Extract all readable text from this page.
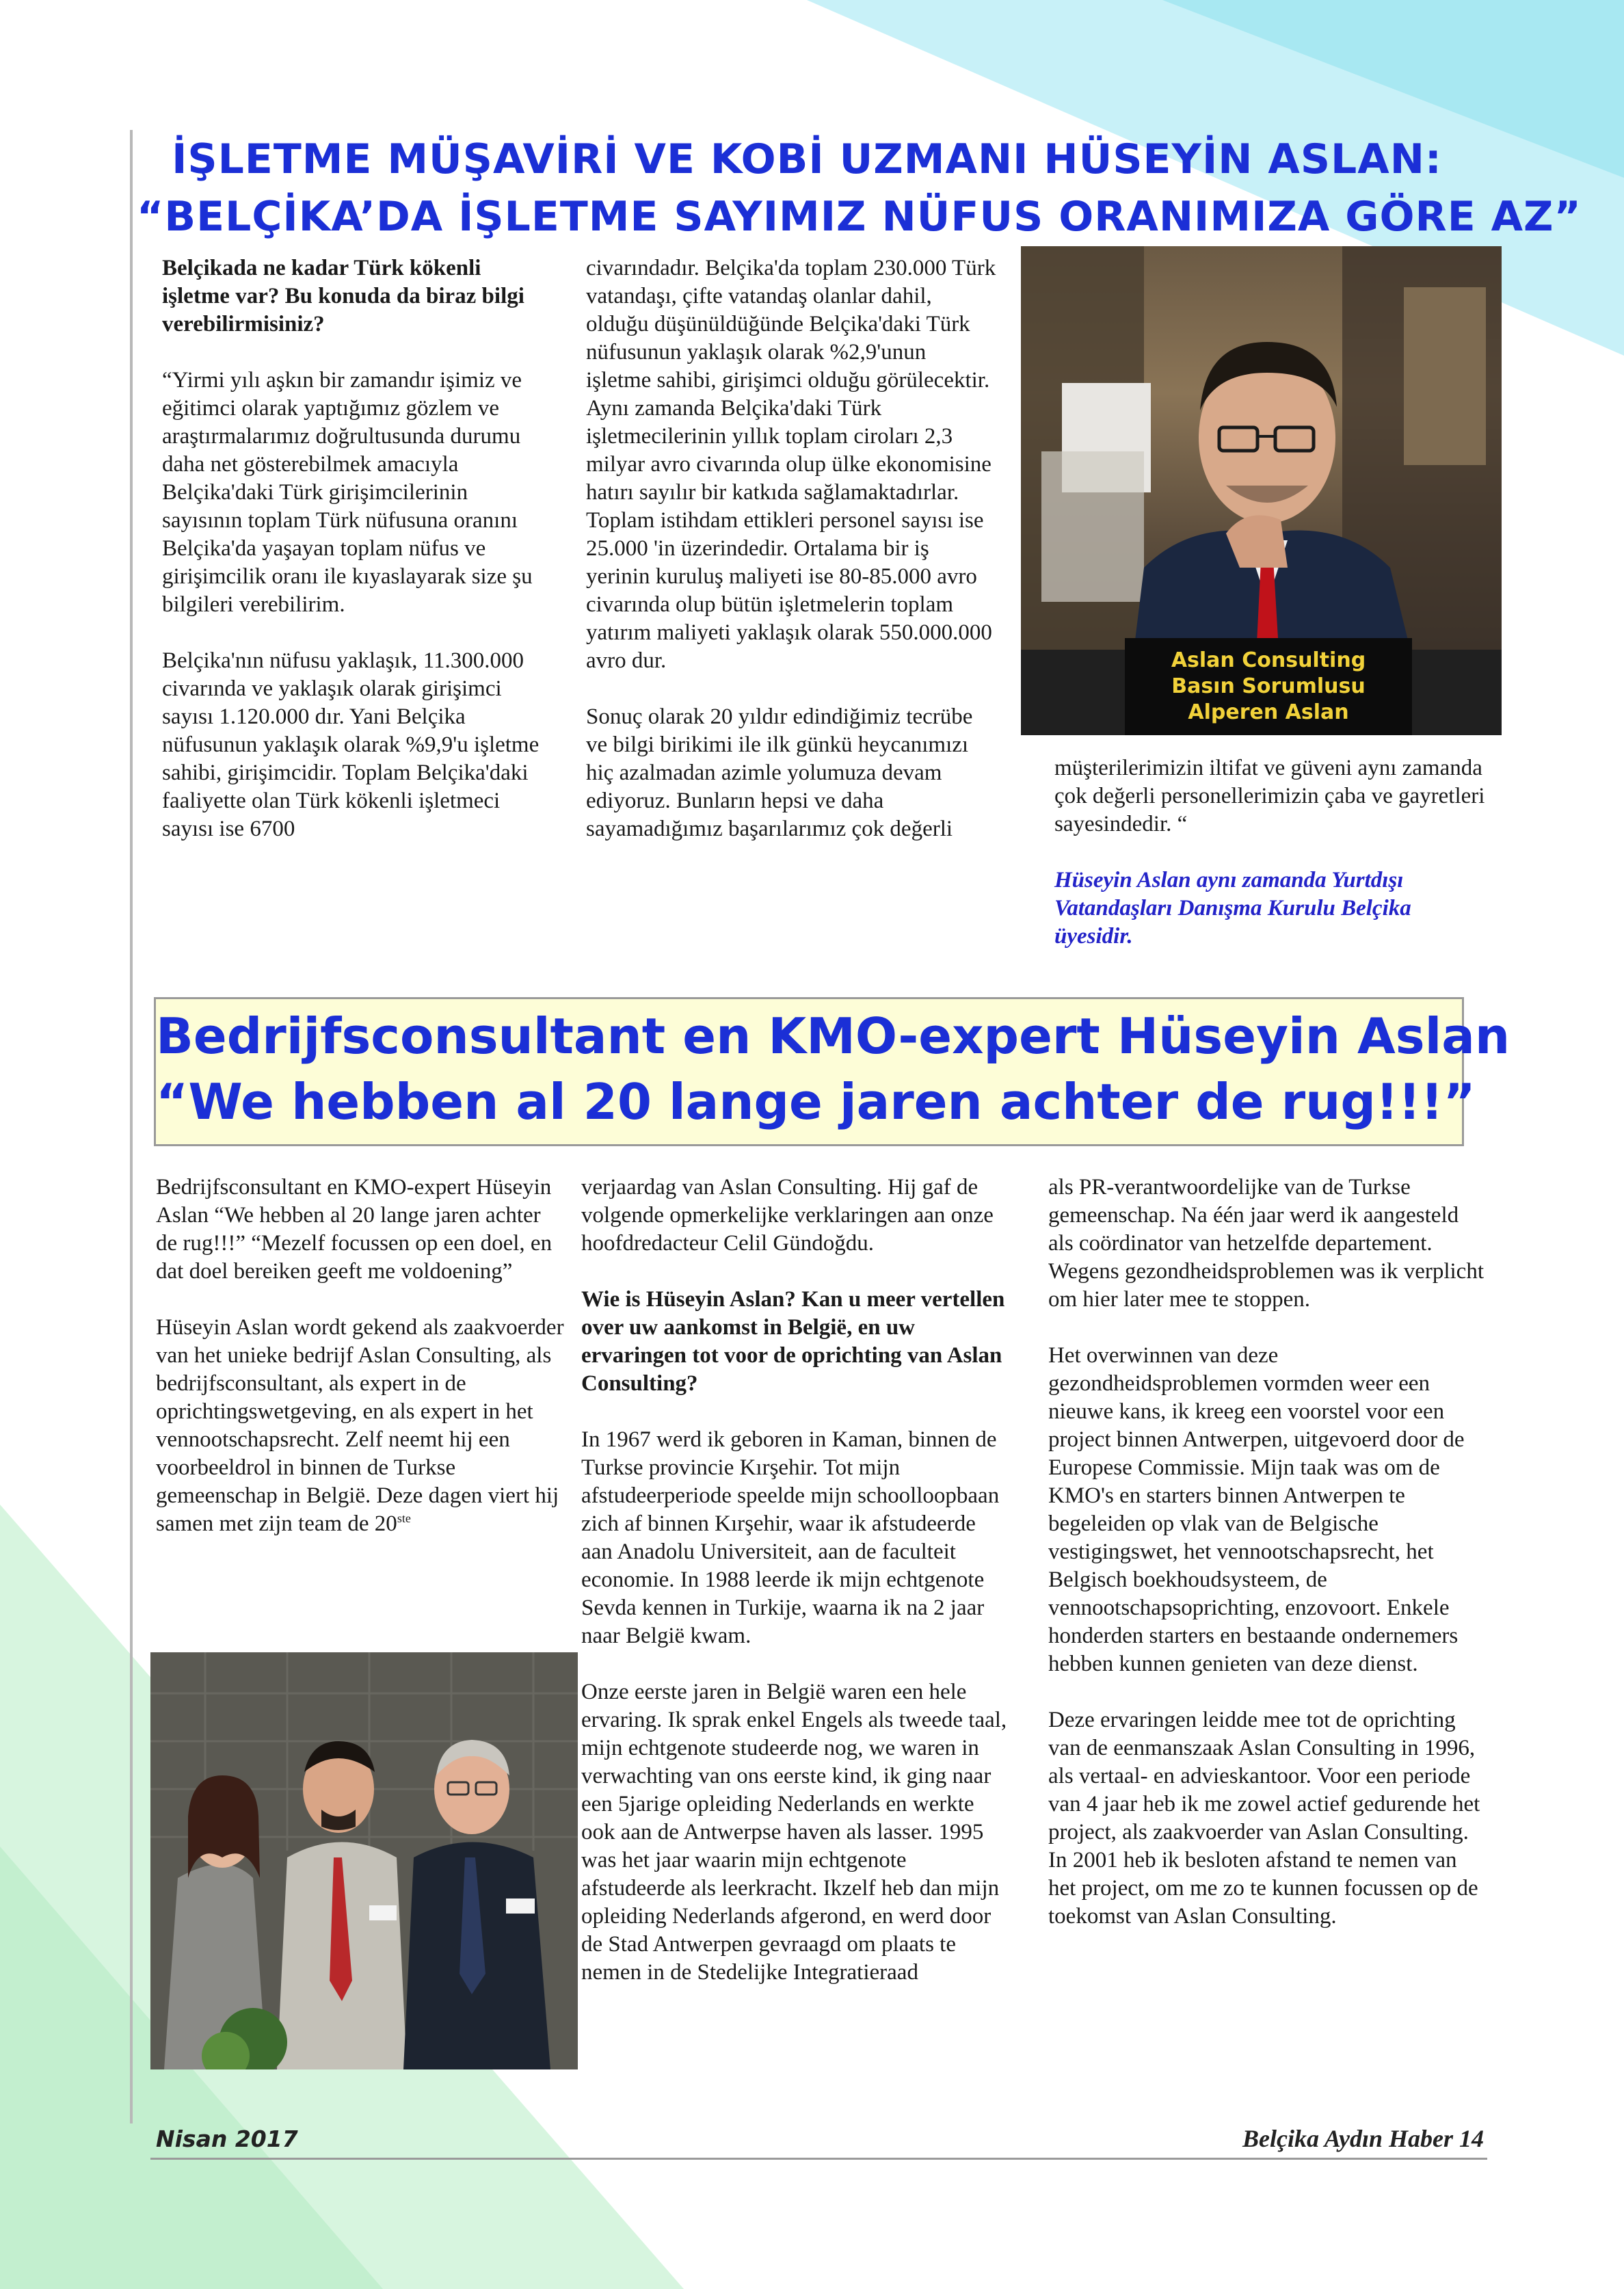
İŞLETME MÜŞAVİRİ VE KOBİ UZMANI HÜSEYİN ASLAN:
“BELÇİKA’DA İŞLETME SAYIMIZ NÜFUS ORANIMIZA GÖRE AZ”

Belçikada ne kadar Türk kökenli işletme var? Bu konuda da biraz bilgi verebilirmisiniz?

“Yirmi yılı aşkın bir zamandır işimiz ve eğitimci olarak yaptığımız gözlem ve araştırmalarımız doğrultusunda durumu daha net gösterebilmek amacıyla Belçika'daki Türk girişimcilerinin sayısının toplam Türk nüfusuna oranını Belçika'da yaşayan toplam nüfus ve girişimcilik oranı ile kıyaslayarak size şu bilgileri verebilirim.

Belçika'nın nüfusu yaklaşık, 11.300.000 civarında ve yaklaşık olarak girişimci sayısı 1.120.000 dır. Yani Belçika nüfusunun yaklaşık olarak %9,9'u işletme sahibi, girişimcidir. Toplam Belçika'daki faaliyette olan Türk kökenli işletmeci sayısı ise 6700

civarındadır. Belçika'da toplam 230.000 Türk vatandaşı, çifte vatandaş olanlar dahil, olduğu düşünüldüğünde Belçika'daki Türk nüfusunun yaklaşık olarak %2,9'unun işletme sahibi, girişimci olduğu görülecektir. Aynı zamanda Belçika'daki Türk işletmecilerinin yıllık toplam ciroları 2,3 milyar avro civarında olup ülke ekonomisine hatırı sayılır bir katkıda sağlamaktadırlar. Toplam istihdam ettikleri personel sayısı ise 25.000 'in üzerindedir. Ortalama bir iş yerinin kuruluş maliyeti ise 80-85.000 avro civarında olup bütün işletmelerin toplam yatırım maliyeti yaklaşık olarak 550.000.000 avro dur.

Sonuç olarak 20 yıldır edindiğimiz tecrübe ve bilgi birikimi ile ilk günkü heycanımızı hiç azalmadan azimle yolumuza devam ediyoruz. Bunların hepsi ve daha sayamadığımız başarılarımız çok değerli

Aslan Consulting
Basın Sorumlusu
Alperen Aslan

müşterilerimizin iltifat ve güveni aynı zamanda çok değerli personellerimizin çaba ve gayretleri sayesindedir. “

Hüseyin Aslan aynı zamanda Yurtdışı Vatandaşları Danışma Kurulu Belçika üyesidir.

Bedrijfsconsultant en KMO-expert Hüseyin Aslan
“We hebben al 20 lange jaren achter de rug!!!”

Bedrijfsconsultant en KMO-expert Hüseyin Aslan “We hebben al 20 lange jaren achter de rug!!!” “Mezelf focussen op een doel, en dat doel bereiken geeft me voldoening”

Hüseyin Aslan wordt gekend als zaakvoerder van het unieke bedrijf Aslan Consulting, als bedrijfsconsultant, als expert in de oprichtingswetgeving, en als expert in het vennootschapsrecht. Zelf neemt hij een voorbeeldrol in binnen de Turkse gemeenschap in België. Deze dagen viert hij samen met zijn team de 20ste

verjaardag van Aslan Consulting. Hij gaf de volgende opmerkelijke verklaringen aan onze hoofdredacteur Celil Gündoğdu.

Wie is Hüseyin Aslan? Kan u meer vertellen over uw aankomst in België, en uw ervaringen tot voor de oprichting van Aslan Consulting?

In 1967 werd ik geboren in Kaman, binnen de Turkse provincie Kırşehir. Tot mijn afstudeerperiode speelde mijn schoolloopbaan zich af binnen Kırşehir, waar ik afstudeerde aan Anadolu Universiteit, aan de faculteit economie. In 1988 leerde ik mijn echtgenote Sevda kennen in Turkije, waarna ik na 2 jaar naar België kwam.

Onze eerste jaren in België waren een hele ervaring. Ik sprak enkel Engels als tweede taal, mijn echtgenote studeerde nog, we waren in verwachting van ons eerste kind, ik ging naar een 5jarige opleiding Nederlands en werkte ook aan de Antwerpse haven als lasser. 1995 was het jaar waarin mijn echtgenote afstudeerde als leerkracht. Ikzelf heb dan mijn opleiding Nederlands afgerond, en werd door de Stad Antwerpen gevraagd om plaats te nemen in de Stedelijke Integratieraad

als PR-verantwoordelijke van de Turkse gemeenschap. Na één jaar werd ik aangesteld als coördinator van hetzelfde departement. Wegens gezondheidsproblemen was ik verplicht om hier later mee te stoppen.

Het overwinnen van deze gezondheidsproblemen vormden weer een nieuwe kans, ik kreeg een voorstel voor een project binnen Antwerpen, uitgevoerd door de Europese Commissie. Mijn taak was om de KMO's en starters binnen Antwerpen te begeleiden op vlak van de Belgische vestigingswet, het vennootschapsrecht, het Belgisch boekhoudsysteem, de vennootschapsoprichting, enzovoort. Enkele honderden starters en bestaande ondernemers hebben kunnen genieten van deze dienst.

Deze ervaringen leidde mee tot de oprichting van de eenmanszaak Aslan Consulting in 1996, als vertaal- en advieskantoor. Voor een periode van 4 jaar heb ik me zowel actief gedurende het project, als zaakvoerder van Aslan Consulting. In 2001 heb ik besloten afstand te nemen van het project, om me zo te kunnen focussen op de toekomst van Aslan Consulting.

Nisan 2017	Belçika Aydın Haber 14
